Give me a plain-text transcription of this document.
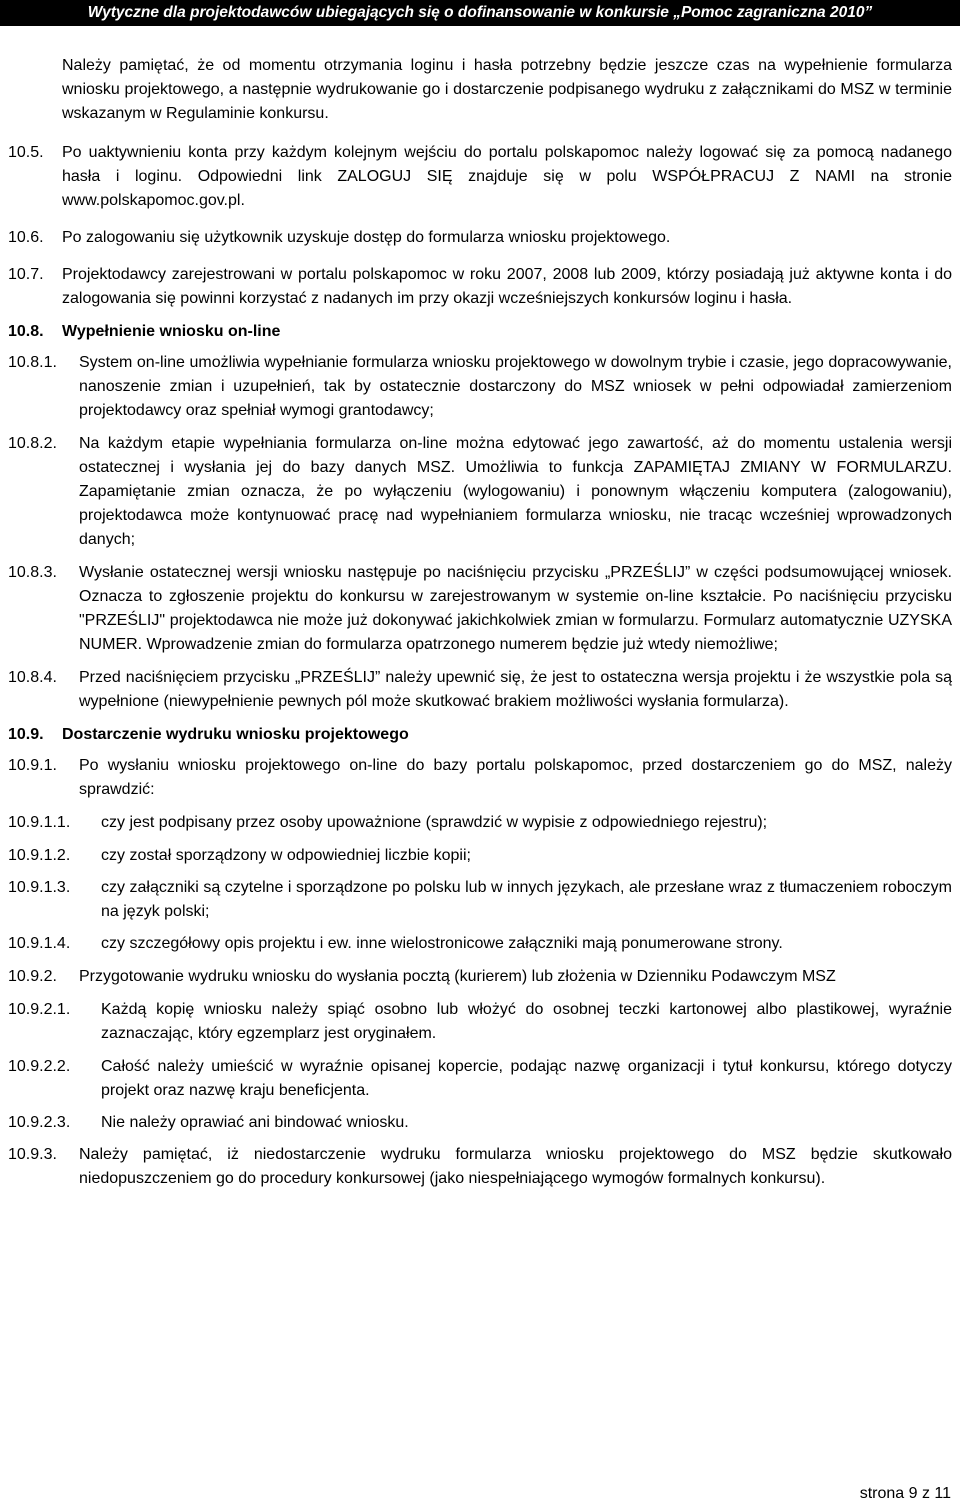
Wytyczne dla projektodawców ubiegających się o dofinansowanie w konkursie „Pomoc zagraniczna 2010”
Należy pamiętać, że od momentu otrzymania loginu i hasła potrzebny będzie jeszcze czas na wypełnienie formularza wniosku projektowego, a następnie wydrukowanie go i dostarczenie podpisanego wydruku z załącznikami do MSZ w terminie wskazanym w Regulaminie konkursu.
10.5.	Po uaktywnieniu konta przy każdym kolejnym wejściu do portalu polskapomoc należy logować się za pomocą nadanego hasła i loginu. Odpowiedni link ZALOGUJ SIĘ znajduje się w polu WSPÓŁPRACUJ Z NAMI na stronie www.polskapomoc.gov.pl.
10.6.	Po zalogowaniu się użytkownik uzyskuje dostęp do formularza wniosku projektowego.
10.7.	Projektodawcy zarejestrowani w portalu polskapomoc w roku 2007, 2008 lub 2009, którzy posiadają już aktywne konta i do zalogowania się powinni korzystać z nadanych im przy okazji wcześniejszych konkursów loginu i hasła.
10.8.	Wypełnienie wniosku on-line
10.8.1.	System on-line umożliwia wypełnianie formularza wniosku projektowego w dowolnym trybie i czasie, jego dopracowywanie, nanoszenie zmian i uzupełnień, tak by ostatecznie dostarczony do MSZ wniosek w pełni odpowiadał zamierzeniom projektodawcy oraz spełniał wymogi grantodawcy;
10.8.2.	Na każdym etapie wypełniania formularza on-line można edytować jego zawartość, aż do momentu ustalenia wersji ostatecznej i wysłania jej do bazy danych MSZ. Umożliwia to funkcja ZAPAMIĘTAJ ZMIANY W FORMULARZU. Zapamiętanie zmian oznacza, że po wyłączeniu (wylogowaniu) i ponownym włączeniu komputera (zalogowaniu), projektodawca może kontynuować pracę nad wypełnianiem formularza wniosku, nie tracąc wcześniej wprowadzonych danych;
10.8.3.	Wysłanie ostatecznej wersji wniosku następuje po naciśnięciu przycisku „PRZEŚLIJ” w części podsumowującej wniosek. Oznacza to zgłoszenie projektu do konkursu w zarejestrowanym w systemie on-line kształcie. Po naciśnięciu przycisku "PRZEŚLIJ" projektodawca nie może już dokonywać jakichkolwiek zmian w formularzu. Formularz automatycznie UZYSKA NUMER. Wprowadzenie zmian do formularza opatrzonego numerem będzie już wtedy niemożliwe;
10.8.4.	Przed naciśnięciem przycisku „PRZEŚLIJ” należy upewnić się, że jest to ostateczna wersja projektu i że wszystkie pola są wypełnione (niewypełnienie pewnych pól może skutkować brakiem możliwości wysłania formularza).
10.9.	Dostarczenie wydruku wniosku projektowego
10.9.1.	Po wysłaniu wniosku projektowego on-line do bazy portalu polskapomoc, przed dostarczeniem go do MSZ, należy sprawdzić:
10.9.1.1.	czy jest podpisany przez osoby upoważnione (sprawdzić w wypisie z odpowiedniego rejestru);
10.9.1.2.	czy został sporządzony w odpowiedniej liczbie kopii;
10.9.1.3.	czy załączniki są czytelne i sporządzone po polsku lub w innych językach, ale przesłane wraz z tłumaczeniem roboczym na język polski;
10.9.1.4.	czy szczegółowy opis projektu i ew. inne wielostronicowe załączniki mają ponumerowane strony.
10.9.2.	Przygotowanie wydruku wniosku do wysłania pocztą (kurierem) lub złożenia w Dzienniku Podawczym MSZ
10.9.2.1.	Każdą kopię wniosku należy spiąć osobno lub włożyć do osobnej teczki kartonowej albo plastikowej, wyraźnie zaznaczając, który egzemplarz jest oryginałem.
10.9.2.2.	Całość należy umieścić w wyraźnie opisanej kopercie, podając nazwę organizacji i tytuł konkursu, którego dotyczy projekt oraz nazwę kraju beneficjenta.
10.9.2.3.	Nie należy oprawiać ani bindować wniosku.
10.9.3.	Należy pamiętać, iż niedostarczenie wydruku formularza wniosku projektowego do MSZ będzie skutkowało niedopuszczeniem go do procedury konkursowej (jako niespełniającego wymogów formalnych konkursu).
strona 9 z 11
